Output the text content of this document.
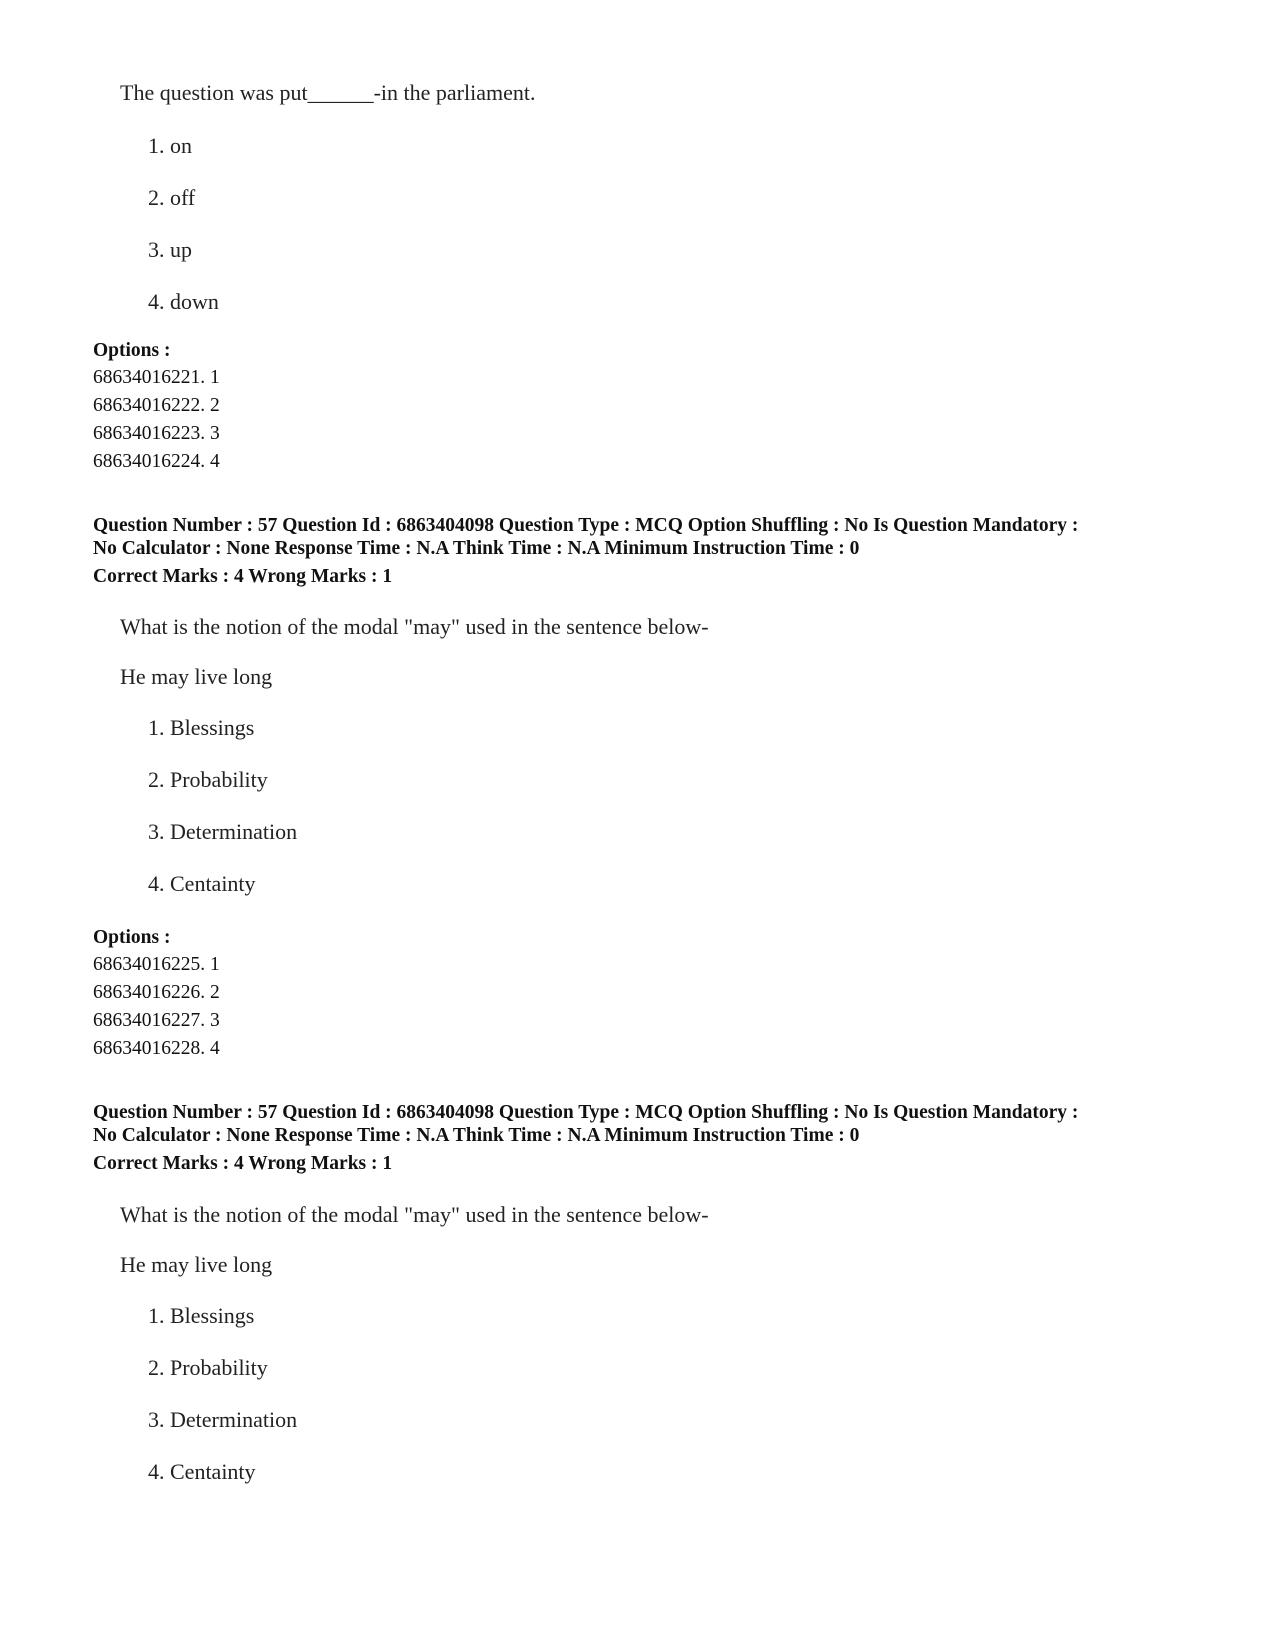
The question was put______-in the parliament.
1. on
2. off
3. up
4. down
Options :
68634016221. 1
68634016222. 2
68634016223. 3
68634016224. 4
Question Number : 57 Question Id : 6863404098 Question Type : MCQ Option Shuffling : No Is Question Mandatory :
No Calculator : None Response Time : N.A Think Time : N.A Minimum Instruction Time : 0
Correct Marks : 4 Wrong Marks : 1
What is the notion of the modal "may" used in the sentence below-
He may live long
1. Blessings
2. Probability
3. Determination
4. Centainty
Options :
68634016225. 1
68634016226. 2
68634016227. 3
68634016228. 4
Question Number : 57 Question Id : 6863404098 Question Type : MCQ Option Shuffling : No Is Question Mandatory :
No Calculator : None Response Time : N.A Think Time : N.A Minimum Instruction Time : 0
Correct Marks : 4 Wrong Marks : 1
What is the notion of the modal "may" used in the sentence below-
He may live long
1. Blessings
2. Probability
3. Determination
4. Centainty
